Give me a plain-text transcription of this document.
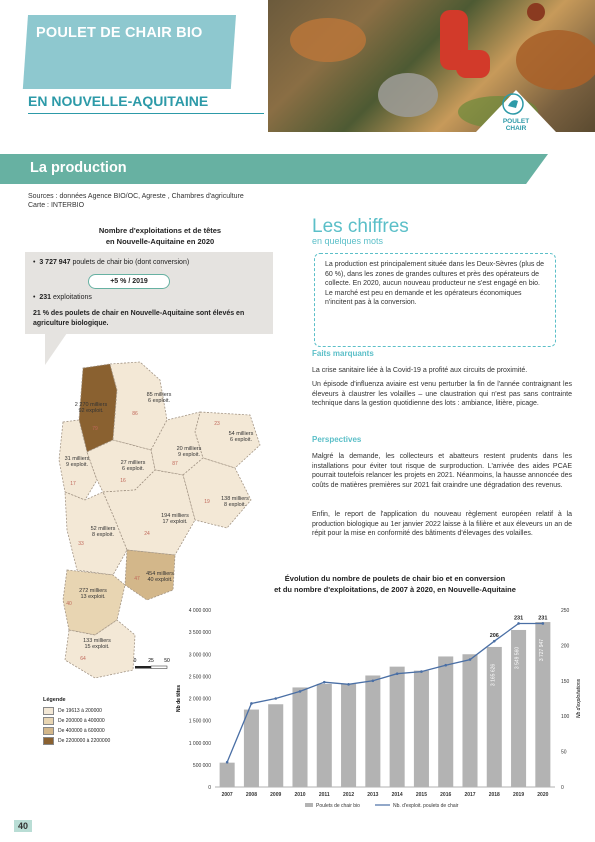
POULET DE CHAIR BIO
EN NOUVELLE-AQUITAINE
POULET
CHAIR
La production
Sources : données Agence BIO/OC, Agreste , Chambres d'agriculture
Carte : INTERBIO
Nombre d'exploitations et de têtes
en Nouvelle-Aquitaine en 2020
•  3 727 947 poulets de chair bio (dont conversion)
+5 % / 2019
•  231 exploitations
21 % des poulets de chair en Nouvelle-Aquitaine sont élevés en agriculture biologique.
2 270 milliers
92 exploit.
85 milliers
6 exploit.
54 milliers
6 exploit.
31 milliers
9 exploit.	27 milliers
6 exploit.
20 milliers
9 exploit.
138 milliers
8 exploit.
52 milliers
8 exploit.
194 milliers
17 exploit.
454 milliers
40 exploit.
272 milliers
13 exploit.
133 milliers
15 exploit.
86
79
17	16
87
23
19
24
33
47
40
64	0 25 50
Légende
De 19613 à 200000
De 200000 à 400000
De 400000 à 600000
De 2200000 à 2200000
Les chiffres
en quelques mots
La production est principalement située dans les Deux-Sèvres (plus de 60 %), dans les zones de grandes cultures et près des opérateurs de collecte. En 2020, aucun nouveau producteur ne s'est engagé en bio. Le marché est peu en demande et les opérateurs économiques n'incitent pas à la conversion.
Faits marquants
La crise sanitaire liée à la Covid-19 a profité aux circuits de proximité.
Un épisode d'influenza aviaire est venu perturber la fin de l'année contraignant les éleveurs à claustrer les volailles – une claustration qui n'est pas sans contrainte technique dans la gestion quotidienne des lots : ambiance, litière, picage.
Perspectives
Malgré la demande, les collecteurs et abatteurs restent prudents dans les installations pour éviter tout risque de surproduction. L'arrivée des aides PCAE pourrait toutefois relancer les projets en 2021. Néanmoins, la hausse annoncée des coûts de matières premières sur 2021 fait craindre une dégradation des revenus.
Enfin, le report de l'application du nouveau règlement européen relatif à la production biologique au 1er janvier 2022 laisse à la filière et aux éleveurs un an de répit pour la mise en conformité des bâtiments d'élevages des volailles.
Évolution du nombre de poulets de chair bio et en conversion
et du nombre d'exploitations, de 2007 à 2020, en Nouvelle-Aquitaine
0
500 000
1 000 000
1 500 000
2 000 000
2 500 000
3 000 000
3 500 000
4 000 000
0
50
100
150
200
250
Nb de têtes	Nb d'exploitations
2007	2008	2009	2010	2011	2012	2013	2014	2015	2016	2017	2018
3 165 626
2019
3 549 560
2020
3 727 947
206
231	231
Poulets de chair bio	Nb. d'exploit. poulets de chair
40
